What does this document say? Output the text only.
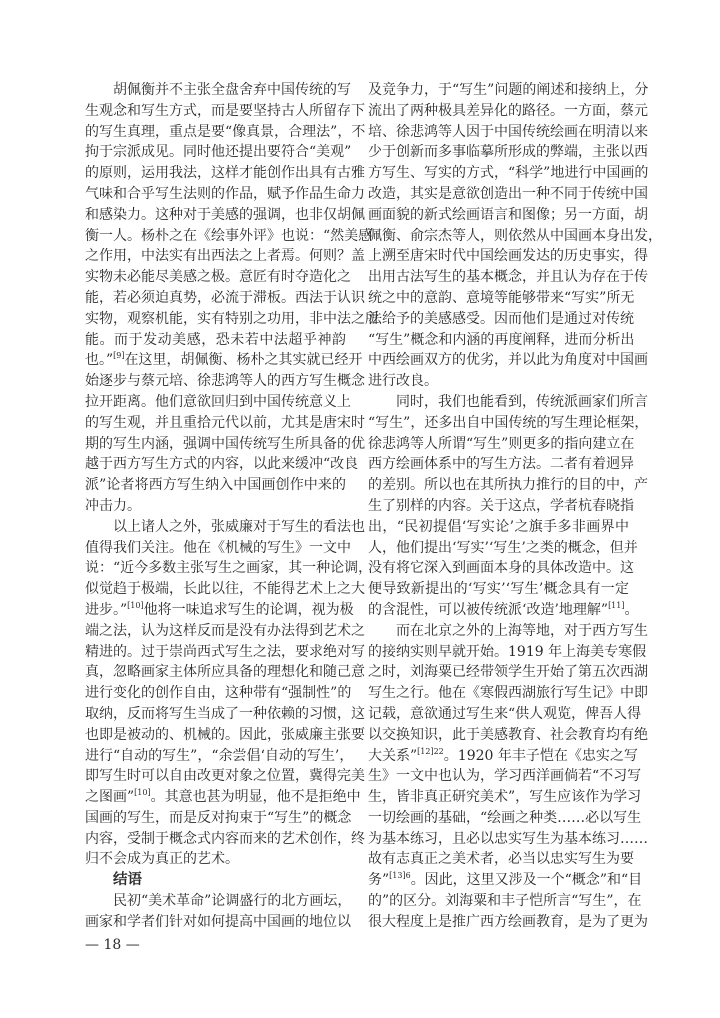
胡佩衡并不主张全盘舍弃中国传统的写
生观念和写生方式，而是要坚持古人所留存下
的写生真理，重点是要“像真景，合理法”，不
拘于宗派成见。同时他还提出要符合“美观”
的原则，运用我法，这样才能创作出具有古雅
气味和合乎写生法则的作品，赋予作品生命力
和感染力。这种对于美感的强调，也非仅胡佩
衡一人。杨朴之在《绘事外评》也说：“然美感
之作用，中法实有出西法之上者焉。何则？盖
实物未必能尽美感之极。意匠有时夺造化之
能，若必须迫真势，必流于滞板。西法于认识
实物，观察机能，实有特别之功用，非中法之所
能。而于发动美感，恐未若中法超乎神韵
也。”[9]在这里，胡佩衡、杨朴之其实就已经开
始逐步与蔡元培、徐悲鸿等人的西方写生概念
拉开距离。他们意欲回归到中国传统意义上
的写生观，并且重拾元代以前，尤其是唐宋时
期的写生内涵，强调中国传统写生所具备的优
越于西方写生方式的内容，以此来缓冲“改良
派”论者将西方写生纳入中国画创作中来的
冲击力。
以上诸人之外，张威廉对于写生的看法也
值得我们关注。他在《机械的写生》一文中
说：“近今多数主张写生之画家，其一种论调，
似觉趋于极端，长此以往，不能得艺术上之大
进步。”[10]他将一味追求写生的论调，视为极
端之法，认为这样反而是没有办法得到艺术之
精进的。过于崇尚西式写生之法，要求绝对写
真，忽略画家主体所应具备的理想化和随己意
进行变化的创作自由，这种带有“强制性”的
取纳，反而将写生当成了一种依赖的习惯，这
也即是被动的、机械的。因此，张威廉主张要
进行“自动的写生”，“余尝倡‘自动的写生’，
即写生时可以自由改更对象之位置，冀得完美
之图画”[10]。其意也甚为明显，他不是拒绝中
国画的写生，而是反对拘束于“写生”的概念
内容，受制于概念式内容而来的艺术创作，终
归不会成为真正的艺术。
结语
民初“美术革命”论调盛行的北方画坛，
画家和学者们针对如何提高中国画的地位以
及竞争力，于“写生”问题的阐述和接纳上，分
流出了两种极具差异化的路径。一方面，蔡元
培、徐悲鸿等人因于中国传统绘画在明清以来
少于创新而多事临摹所形成的弊端，主张以西
方写生、写实的方式，“科学”地进行中国画的
改造，其实是意欲创造出一种不同于传统中国
画面貌的新式绘画语言和图像；另一方面，胡
佩衡、俞宗杰等人，则依然从中国画本身出发，
上溯至唐宋时代中国绘画发达的历史事实，得
出用古法写生的基本概念，并且认为存在于传
统之中的意韵、意境等能够带来“写实”所无
法给予的美感感受。因而他们是通过对传统
“写生”概念和内涵的再度阐释，进而分析出
中西绘画双方的优劣，并以此为角度对中国画
进行改良。
同时，我们也能看到，传统派画家们所言
“写生”，还多出自中国传统的写生理论框架，
徐悲鸿等人所谓“写生”则更多的指向建立在
西方绘画体系中的写生方法。二者有着迥异
的差别。所以也在其所执力推行的目的中，产
生了别样的内容。关于这点，学者杭春晓指
出，“民初提倡‘写实论’之旗手多非画界中
人，他们提出‘写实’‘写生’之类的概念，但并
没有将它深入到画面本身的具体改造中。这
便导致新提出的‘写实’‘写生’概念具有一定
的含混性，可以被传统派‘改造’地理解”[11]。
而在北京之外的上海等地，对于西方写生
的接纳实则早就开始。1919 年上海美专寒假
之时，刘海粟已经带领学生开始了第五次西湖
写生之行。他在《寒假西湖旅行写生记》中即
记载，意欲通过写生来“供人观览，俾吾人得
以交换知识，此于美感教育、社会教育均有绝
大关系”$^{[12]22}$。1920 年丰子恺在《忠实之写
生》一文中也认为，学习西洋画倘若“不习写
生，皆非真正研究美术”，写生应该作为学习
一切绘画的基础，“绘画之种类……必以写生
为基本练习，且必以忠实写生为基本练习……
故有志真正之美术者，必当以忠实写生为要
务”$^{[13]6}$。因此，这里又涉及一个“概念”和“目
的”的区分。刘海粟和丰子恺所言“写生”，在
很大程度上是推广西方绘画教育，是为了更为
— 18 —
